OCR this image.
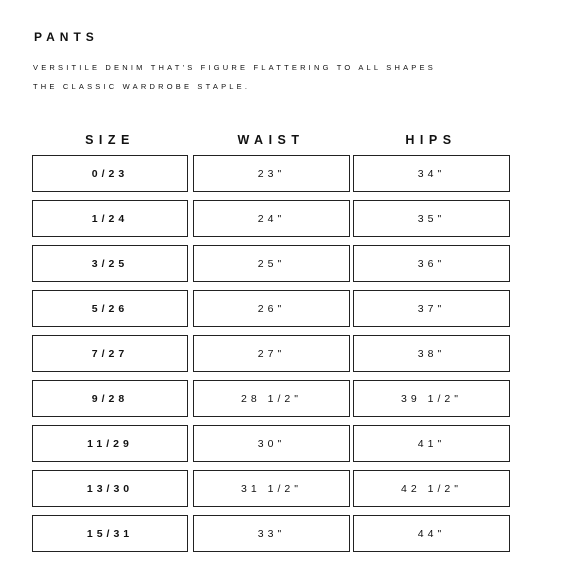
PANTS
VERSITILE DENIM THAT'S FIGURE FLATTERING TO ALL SHAPES
THE CLASSIC WARDROBE STAPLE.
SIZE	WAIST	HIPS
0/23	23"	34"
1/24	24"	35"
3/25	25"	36"
5/26	26"	37"
7/27	27"	38"
9/28	28 1/2"	39 1/2"
11/29	30"	41"
13/30	31 1/2"	42 1/2"
15/31	33"	44"
